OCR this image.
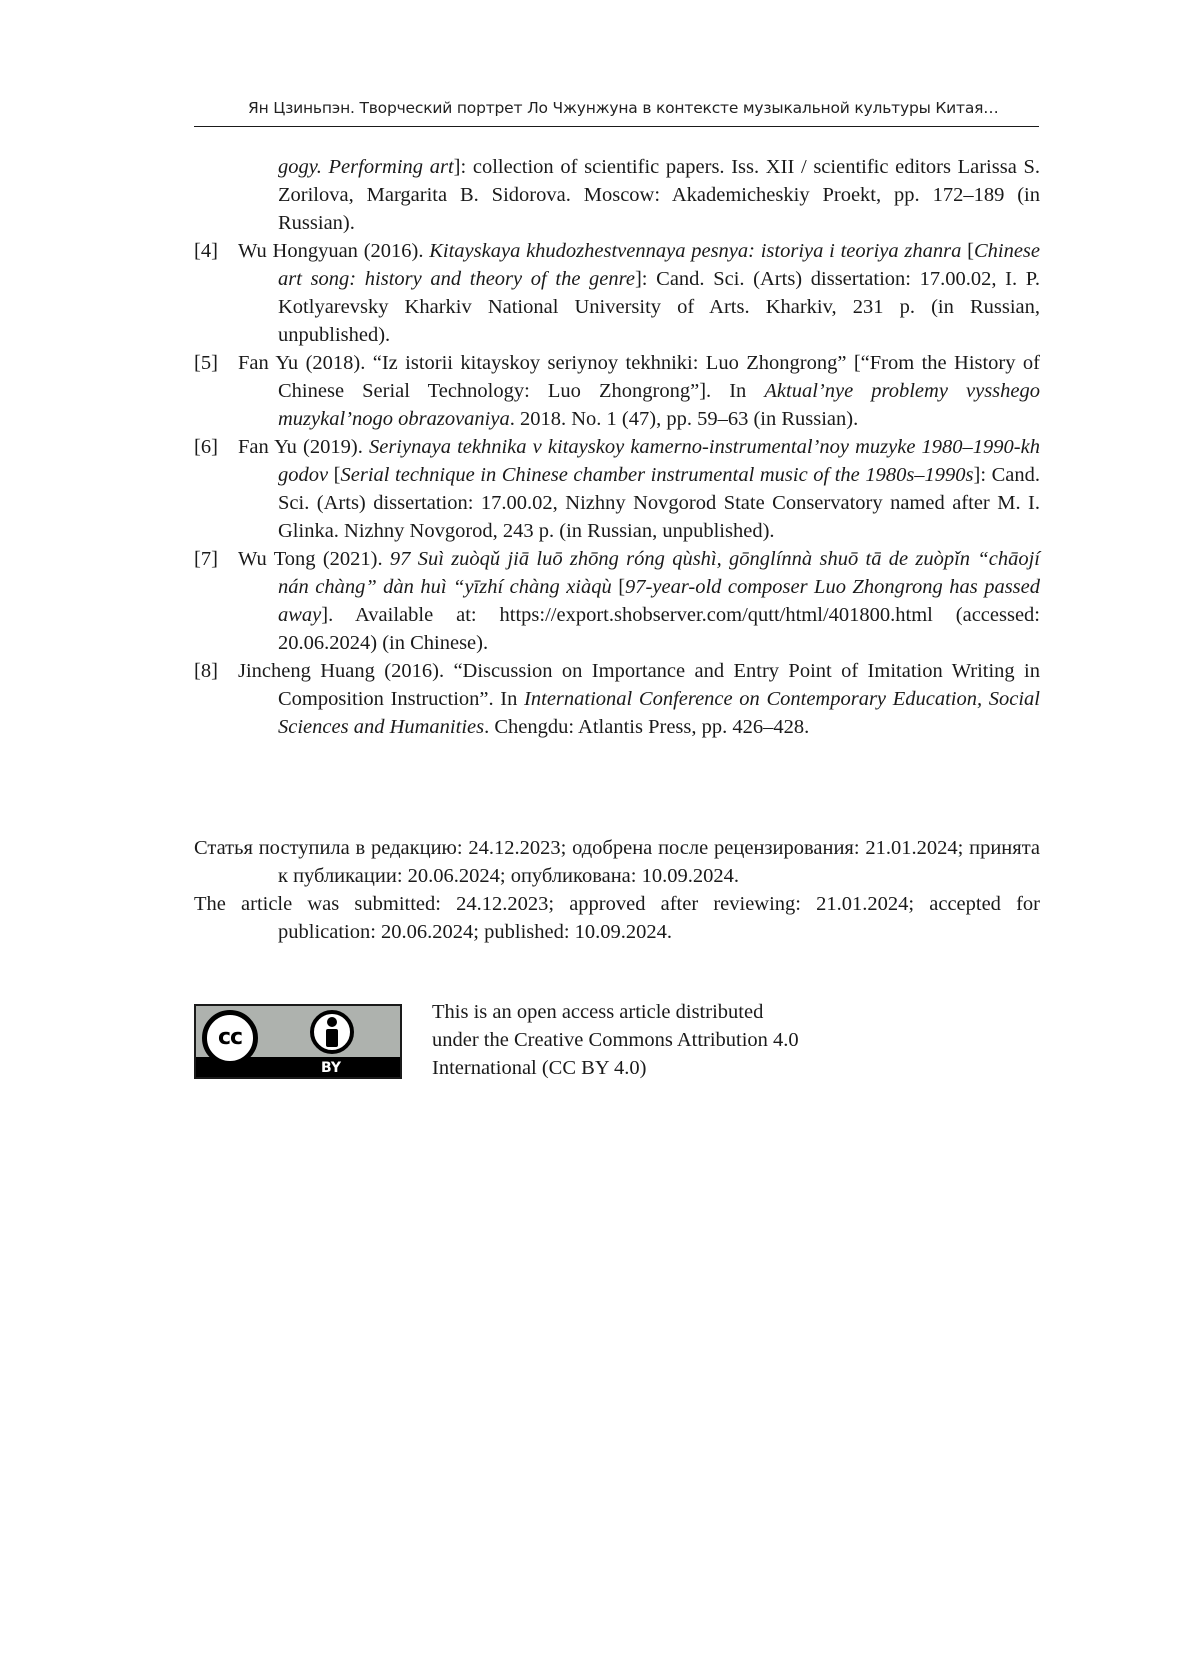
Ян Цзиньпэн. Творческий портрет Ло Чжунжуна в контексте музыкальной культуры Китая…
gogy. Performing art]: collection of scientific papers. Iss. XII / scientific editors Larissa S. Zorilova, Margarita B. Sidorova. Moscow: Akademicheskiy Proekt, pp. 172–189 (in Russian).
[4] Wu Hongyuan (2016). Kitayskaya khudozhestvennaya pesnya: istoriya i teoriya zhanra [Chinese art song: history and theory of the genre]: Cand. Sci. (Arts) dissertation: 17.00.02, I. P. Kotlyarevsky Kharkiv National University of Arts. Kharkiv, 231 p. (in Russian, unpublished).
[5] Fan Yu (2018). “Iz istorii kitayskoy seriynoy tekhniki: Luo Zhongrong” [“From the History of Chinese Serial Technology: Luo Zhongrong”]. In Aktual’nye problemy vysshego muzykal’nogo obrazovaniya. 2018. No. 1 (47), pp. 59–63 (in Russian).
[6] Fan Yu (2019). Seriynaya tekhnika v kitayskoy kamerno-instrumental’noy muzyke 1980–1990-kh godov [Serial technique in Chinese chamber instrumental music of the 1980s–1990s]: Cand. Sci. (Arts) dissertation: 17.00.02, Nizhny Novgorod State Conservatory named after M. I. Glinka. Nizhny Novgorod, 243 p. (in Russian, unpublished).
[7] Wu Tong (2021). 97 Suì zuòqǔ jiā luō zhōng róng qùshì, gōnglínnà shuō tā de zuòpǐn “chāojí nán chàng” dàn huì “yīzhí chàng xiàqù [97-year-old composer Luo Zhongrong has passed away]. Available at: https://export.shobserver.com/qutt/html/401800.html (accessed: 20.06.2024) (in Chinese).
[8] Jincheng Huang (2016). “Discussion on Importance and Entry Point of Imitation Writing in Composition Instruction”. In International Conference on Contemporary Education, Social Sciences and Humanities. Chengdu: Atlantis Press, pp. 426–428.
Статья поступила в редакцию: 24.12.2023; одобрена после рецензирования: 21.01.2024; принята к публикации: 20.06.2024; опубликована: 10.09.2024.
The article was submitted: 24.12.2023; approved after reviewing: 21.01.2024; accepted for publication: 20.06.2024; published: 10.09.2024.
cc
BY
This is an open access article distributed
under the Creative Commons Attribution 4.0
International (CC BY 4.0)
